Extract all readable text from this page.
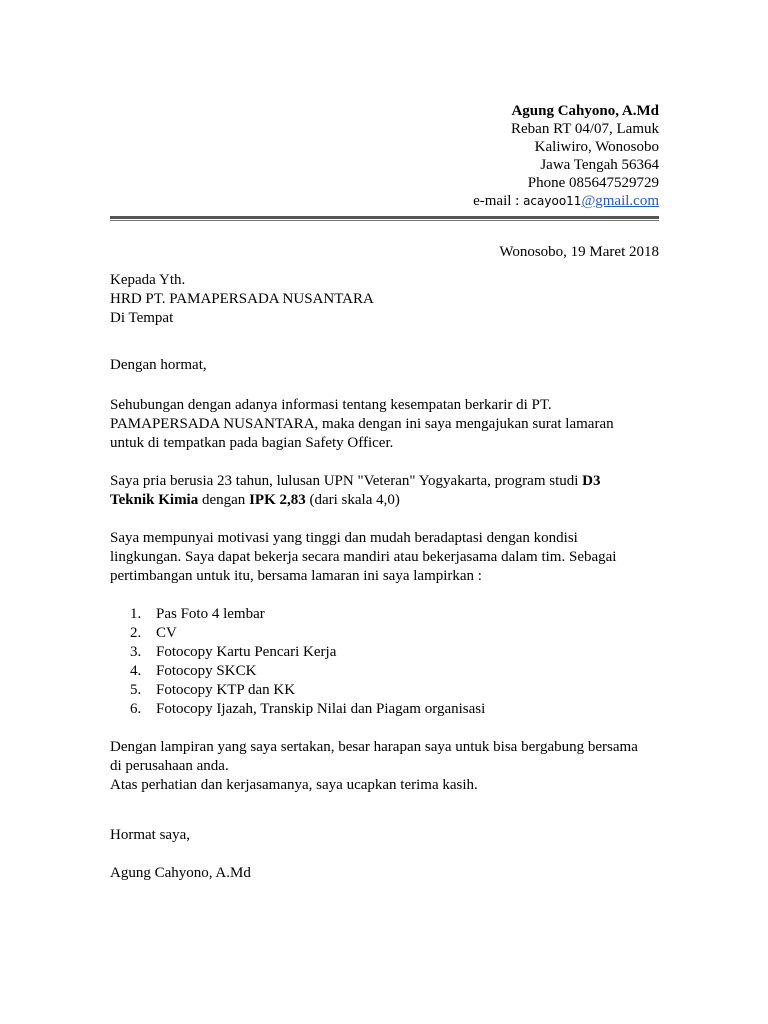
Agung Cahyono, A.Md
Reban RT 04/07, Lamuk
Kaliwiro, Wonosobo
Jawa Tengah 56364
Phone 085647529729
e-mail : acayoo11@gmail.com
Wonosobo, 19 Maret 2018
Kepada Yth.
HRD PT. PAMAPERSADA NUSANTARA
Di Tempat

Dengan hormat,

Sehubungan dengan adanya informasi tentang kesempatan berkarir di PT.
PAMAPERSADA NUSANTARA, maka dengan ini saya mengajukan surat lamaran
untuk di tempatkan pada bagian Safety Officer.
Saya pria berusia 23 tahun, lulusan UPN "Veteran" Yogyakarta, program studi D3
Teknik Kimia dengan IPK 2,83 (dari skala 4,0)
Saya mempunyai motivasi yang tinggi dan mudah beradaptasi dengan kondisi
lingkungan. Saya dapat bekerja secara mandiri atau bekerjasama dalam tim. Sebagai
pertimbangan untuk itu, bersama lamaran ini saya lampirkan :
1. Pas Foto 4 lembar
2. CV
3. Fotocopy Kartu Pencari Kerja
4. Fotocopy SKCK
5. Fotocopy KTP dan KK
6. Fotocopy Ijazah, Transkip Nilai dan Piagam organisasi
Dengan lampiran yang saya sertakan, besar harapan saya untuk bisa bergabung bersama
di perusahaan anda.
Atas perhatian dan kerjasamanya, saya ucapkan terima kasih.

Hormat saya,

Agung Cahyono, A.Md
